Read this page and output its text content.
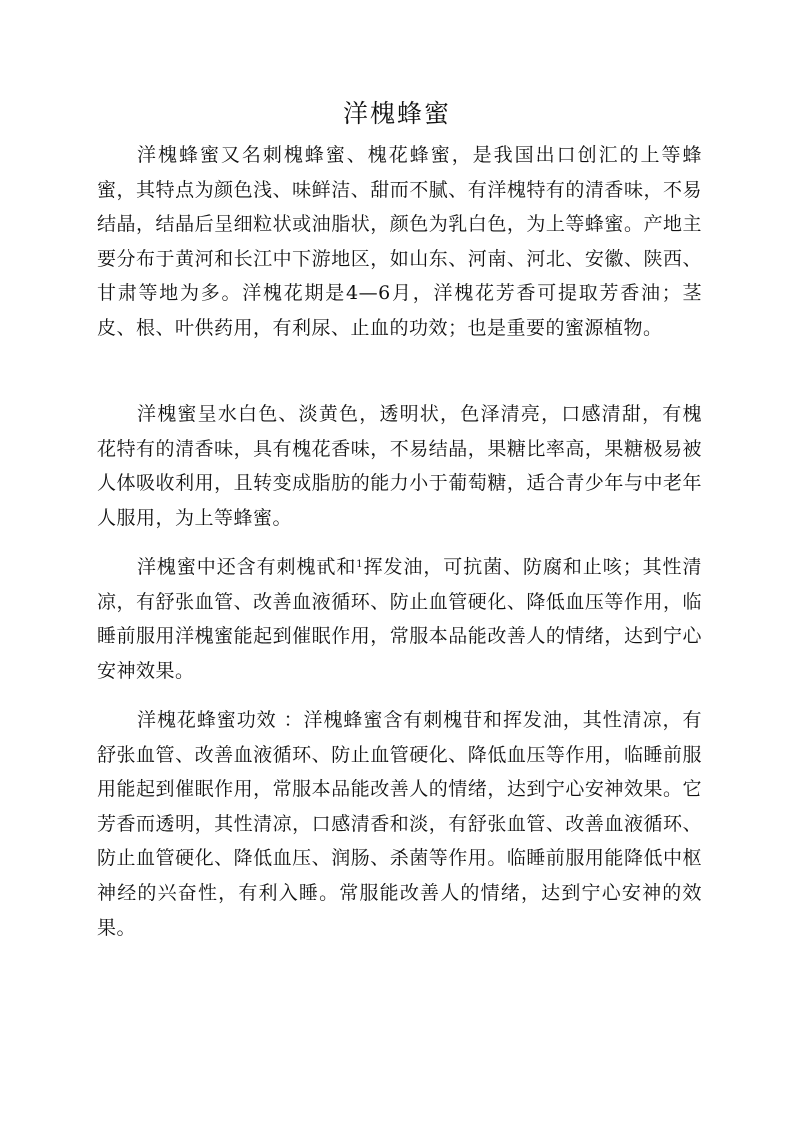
洋槐蜂蜜

洋槐蜂蜜又名刺槐蜂蜜、槐花蜂蜜，是我国出口创汇的上等蜂蜜，其特点为颜色浅、味鲜洁、甜而不腻、有洋槐特有的清香味，不易结晶，结晶后呈细粒状或油脂状，颜色为乳白色，为上等蜂蜜。产地主要分布于黄河和长江中下游地区，如山东、河南、河北、安徽、陕西、甘肃等地为多。洋槐花期是4—6月，洋槐花芳香可提取芳香油；茎皮、根、叶供药用，有利尿、止血的功效；也是重要的蜜源植物。

洋槐蜜呈水白色、淡黄色，透明状，色泽清亮，口感清甜，有槐花特有的清香味，具有槐花香味，不易结晶，果糖比率高，果糖极易被人体吸收利用，且转变成脂肪的能力小于葡萄糖，适合青少年与中老年人服用，为上等蜂蜜。

洋槐蜜中还含有刺槐甙和$^1$挥发油，可抗菌、防腐和止咳；其性清凉，有舒张血管、改善血液循环、防止血管硬化、降低血压等作用，临睡前服用洋槐蜜能起到催眠作用，常服本品能改善人的情绪，达到宁心安神效果。

洋槐花蜂蜜功效 ：洋槐蜂蜜含有刺槐苷和挥发油，其性清凉，有舒张血管、改善血液循环、防止血管硬化、降低血压等作用，临睡前服用能起到催眠作用，常服本品能改善人的情绪，达到宁心安神效果。它芳香而透明，其性清凉，口感清香和淡，有舒张血管、改善血液循环、防止血管硬化、降低血压、润肠、杀菌等作用。临睡前服用能降低中枢神经的兴奋性，有利入睡。常服能改善人的情绪，达到宁心安神的效果。
